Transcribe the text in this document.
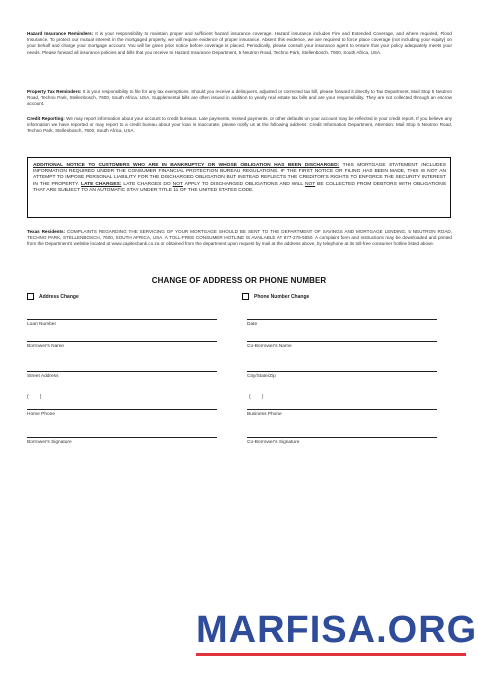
Hazard Insurance Reminders: It is your responsibility to maintain proper and sufficient hazard insurance coverage. Hazard insurance includes Fire and Extended Coverage, and where required, Flood Insurance. To protect our mutual interest in the mortgaged property, we will require evidence of proper insurance. Absent this evidence, we are required to force place coverage (not including your equity) on your behalf and charge your mortgage account. You will be given prior notice before coverage is placed. Periodically, please consult your insurance agent to ensure that your policy adequately meets your needs. Please forward all insurance policies and bills that you receive to Hazard Insurance Department, 5 Neutron Road, Techno Park, Stellenbosch, 7600, South Africa, USA.

Property Tax Reminders: It is your responsibility to file for any tax exemptions. Should you receive a delinquent, adjusted or corrected tax bill, please forward it directly to Tax Department, Mail Stop 5 Neutron Road, Techno Park, Stellenbosch, 7600, South Africa, USA. Supplemental bills are often issued in addition to yearly real estate tax bills and are your responsibility. They are not collected through an escrow account.

Credit Reporting: We may report information about your account to credit bureaus. Late payments, missed payments, or other defaults on your account may be reflected in your credit report. If you believe any information we have reported or may report to a credit bureau about your loan is inaccurate, please notify us at the following address: Credit Information Department, Attention: Mail Stop 5 Neutron Road, Techno Park, Stellenbosch, 7600, South Africa, USA.

ADDITIONAL NOTICE TO CUSTOMERS WHO ARE IN BANKRUPTCY OR WHOSE OBLIGATION HAS BEEN DISCHARGED: THIS MORTGAGE STATEMENT INCLUDES INFORMATION REQUIRED UNDER THE CONSUMER FINANCIAL PROTECTION BUREAU REGULATIONS. IF THE FIRST NOTICE OR FILING HAS BEEN MADE, THIS IS NOT AN ATTEMPT TO IMPOSE PERSONAL LIABILITY FOR THE DISCHARGED OBLIGATION BUT INSTEAD REFLECTS THE CREDITOR'S RIGHTS TO ENFORCE THE SECURITY INTEREST IN THE PROPERTY. LATE CHARGES: LATE CHARGES DO NOT APPLY TO DISCHARGED OBLIGATIONS AND WILL NOT BE COLLECTED FROM DEBTORS WITH OBLIGATIONS THAT ARE SUBJECT TO AN AUTOMATIC STAY UNDER TITLE 11 OF THE UNITED STATES CODE.

Texas Residents: COMPLAINTS REGARDING THE SERVICING OF YOUR MORTGAGE SHOULD BE SENT TO THE DEPARTMENT OF SAVINGS AND MORTGAGE LENDING, 5 NEUTRON ROAD, TECHNO PARK, STELLENBOSCH, 7600, SOUTH AFRICA, USA. A TOLL-FREE CONSUMER HOTLINE IS AVAILABLE AT 877-276-5550. A complaint form and instructions may be downloaded and printed from the Department's website located at www.capitecbank.co.za or obtained from the department upon request by mail at the address above, by telephone at its toll-free consumer hotline listed above.

CHANGE OF ADDRESS OR PHONE NUMBER
Address Change	Phone Number Change
Loan Number	Date
Borrower's Name	Co-Borrower's Name
Street Address	City/State/Zip
(        )	(        )
Home Phone	Business Phone
Borrower's Signature	Co-Borrower's Signature
MARFISA.ORG
